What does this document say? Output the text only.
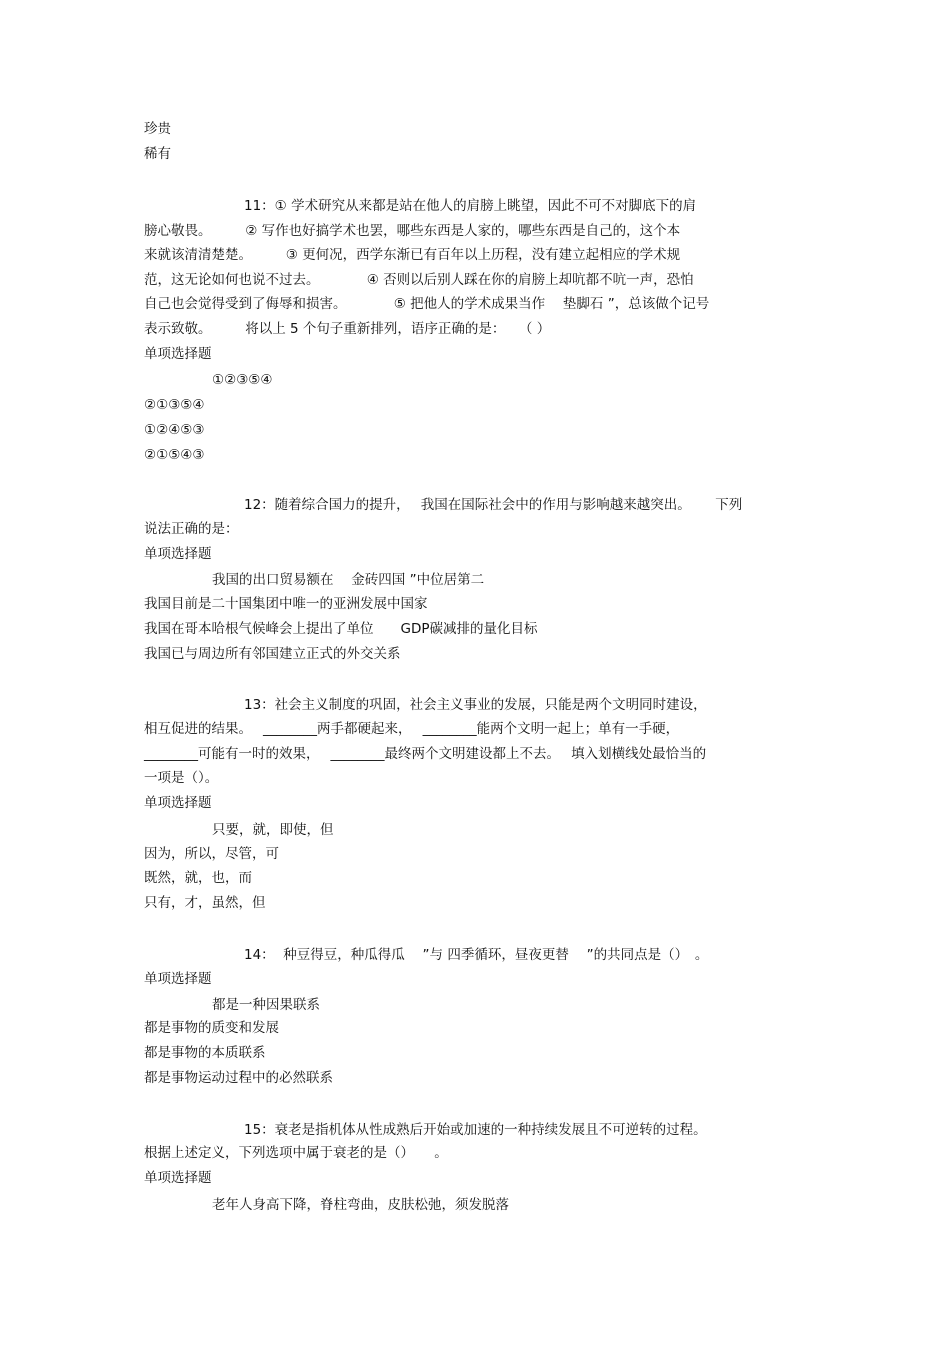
珍贵
稀有
11：① 学术研究从来都是站在他人的肩膀上眺望，因此不可不对脚底下的肩
膀心敬畏。　　　② 写作也好搞学术也罢，哪些东西是人家的，哪些东西是自己的，这个本
来就该清清楚楚。　　　③ 更何况，西学东渐已有百年以上历程，没有建立起相应的学术规
范，这无论如何也说不过去。　　　　④ 否则以后别人踩在你的肩膀上却吭都不吭一声，恐怕
自己也会觉得受到了侮辱和损害。　　　　⑤ 把他人的学术成果当作　 垫脚石 ”，总该做个记号
表示致敬。　　　将以上 5 个句子重新排列，语序正确的是：　　（ ）
单项选择题
①②③⑤④
②①③⑤④
①②④⑤③
②①⑤④③
12：随着综合国力的提升，　 我国在国际社会中的作用与影响越来越突出。　　 下列
说法正确的是：
单项选择题
我国的出口贸易额在　 金砖四国 ”中位居第二
我国目前是二十国集团中唯一的亚洲发展中国家
我国在哥本哈根气候峰会上提出了单位　　GDP碳减排的量化目标
我国已与周边所有邻国建立正式的外交关系
13：社会主义制度的巩固，社会主义事业的发展，只能是两个文明同时建设，
相互促进的结果。　 ________两手都硬起来，　 ________能两个文明一起上；单有一手硬，
________可能有一时的效果，　 ________最终两个文明建设都上不去。　 填入划横线处最恰当的
一项是（）。
单项选择题
只要，就，即使，但
因为，所以，尽管，可
既然，就，也，而
只有，才，虽然，但
14：  种豆得豆，种瓜得瓜　 ”与 四季循环，昼夜更替　 ”的共同点是（）　。
单项选择题
都是一种因果联系
都是事物的质变和发展
都是事物的本质联系
都是事物运动过程中的必然联系
15：衰老是指机体从性成熟后开始或加速的一种持续发展且不可逆转的过程。
根据上述定义，下列选项中属于衰老的是（）　　。
单项选择题
老年人身高下降，脊柱弯曲，皮肤松弛，须发脱落
